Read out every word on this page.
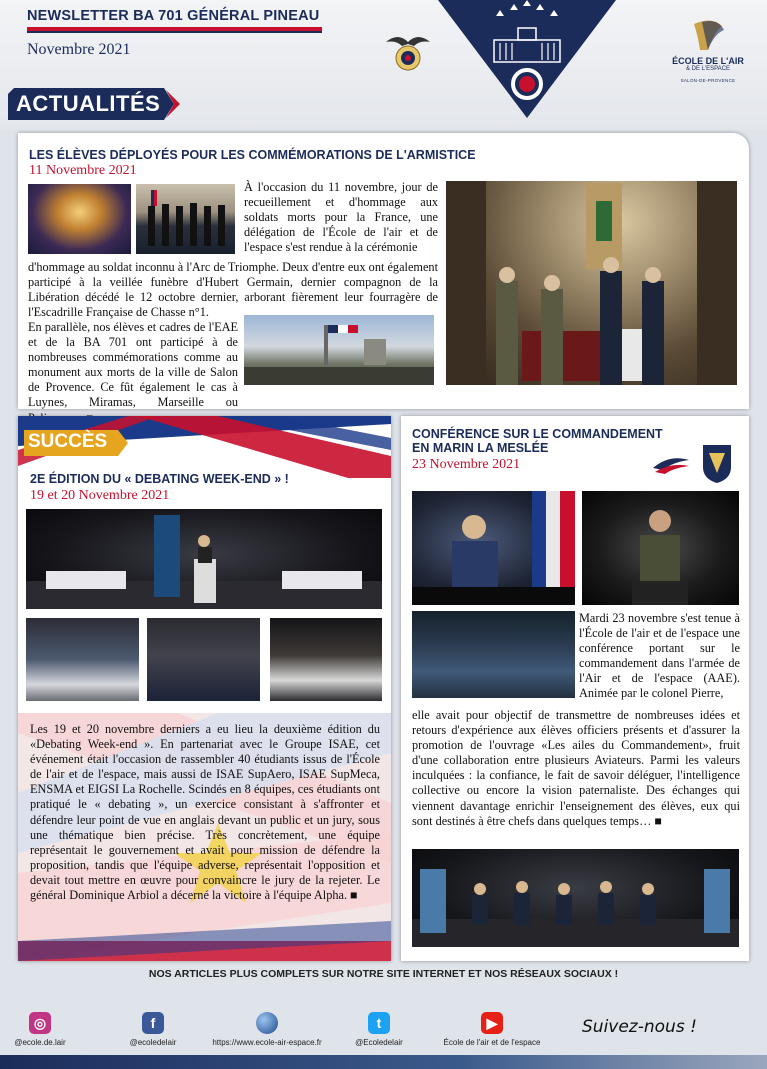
NEWSLETTER BA 701 GÉNÉRAL PINEAU
Novembre 2021
ÉCOLE DE L'AIR
& DE L'ESPACE
SALON-DE-PROVENCE
ACTUALITÉS
LES ÉLÈVES DÉPLOYÉS POUR LES COMMÉMORATIONS DE L'ARMISTICE
11 Novembre 2021
À l'occasion du 11 novembre, jour de recueillement et d'hommage aux soldats morts pour la France, une délégation de l'École de l'air et de l'espace s'est rendue à la cérémonie
d'hommage au soldat inconnu à l'Arc de Triomphe. Deux d'entre eux ont également participé à la veillée funèbre d'Hubert Germain, dernier compagnon de la Libération décédé le 12 octobre dernier, arborant fièrement leur fourragère de l'Escadrille Française de Chasse n°1.
En parallèle, nos élèves et cadres de l'EAE et de la BA 701 ont participé à de nombreuses commémorations comme au monument aux morts de la ville de Salon de Provence. Ce fût également le cas à Luynes, Miramas, Marseille ou
SUCCÈS
2E ÉDITION DU « DEBATING WEEK-END » !
19 et 20 Novembre 2021
Les 19 et 20 novembre derniers a eu lieu la deuxième édition du «Debating Week-end ». En partenariat avec le Groupe ISAE, cet événement était l'occasion de rassembler 40 étudiants issus de l'École de l'air et de l'espace, mais aussi de ISAE SupAero, ISAE SupMeca, ENSMA et EIGSI La Rochelle. Scindés en 8 équipes, ces étudiants ont pratiqué le « debating », un exercice consistant à s'affronter et défendre leur point de vue en anglais devant un public et un jury, sous une thématique bien précise. Très concrètement, une équipe représentait le gouvernement et avait pour mission de défendre la proposition, tandis que l'équipe adverse, représentait l'opposition et devait tout mettre en œuvre pour convaincre le jury de la rejeter. Le général Dominique Arbiol a décerné la victoire à l'équipe Alpha. ■
CONFÉRENCE SUR LE COMMANDEMENT
EN MARIN LA MESLÉE
23 Novembre 2021
Mardi 23 novembre s'est tenue à l'École de l'air et de l'espace une conférence portant sur le commandement dans l'armée de l'Air et de l'espace (AAE). Animée par le colonel Pierre,
elle avait pour objectif de transmettre de nombreuses idées et retours d'expérience aux élèves officiers présents et d'assurer la promotion de l'ouvrage «Les ailes du Commandement», fruit d'une collaboration entre plusieurs Aviateurs. Parmi les valeurs inculquées : la confiance, le fait de savoir déléguer, l'intelligence collective ou encore la vision paternaliste. Des échanges qui viennent davantage enrichir l'enseignement des élèves, eux qui sont destinés à être chefs dans quelques temps… ■
NOS ARTICLES PLUS COMPLETS SUR NOTRE SITE INTERNET ET NOS RÉSEAUX SOCIAUX !
◎
@ecole.de.lair
f
@ecoledelair	https://www.ecole-air-espace.fr
t
@Ecoledelair
▶
École de l'air et de l'espace
Suivez-nous !
